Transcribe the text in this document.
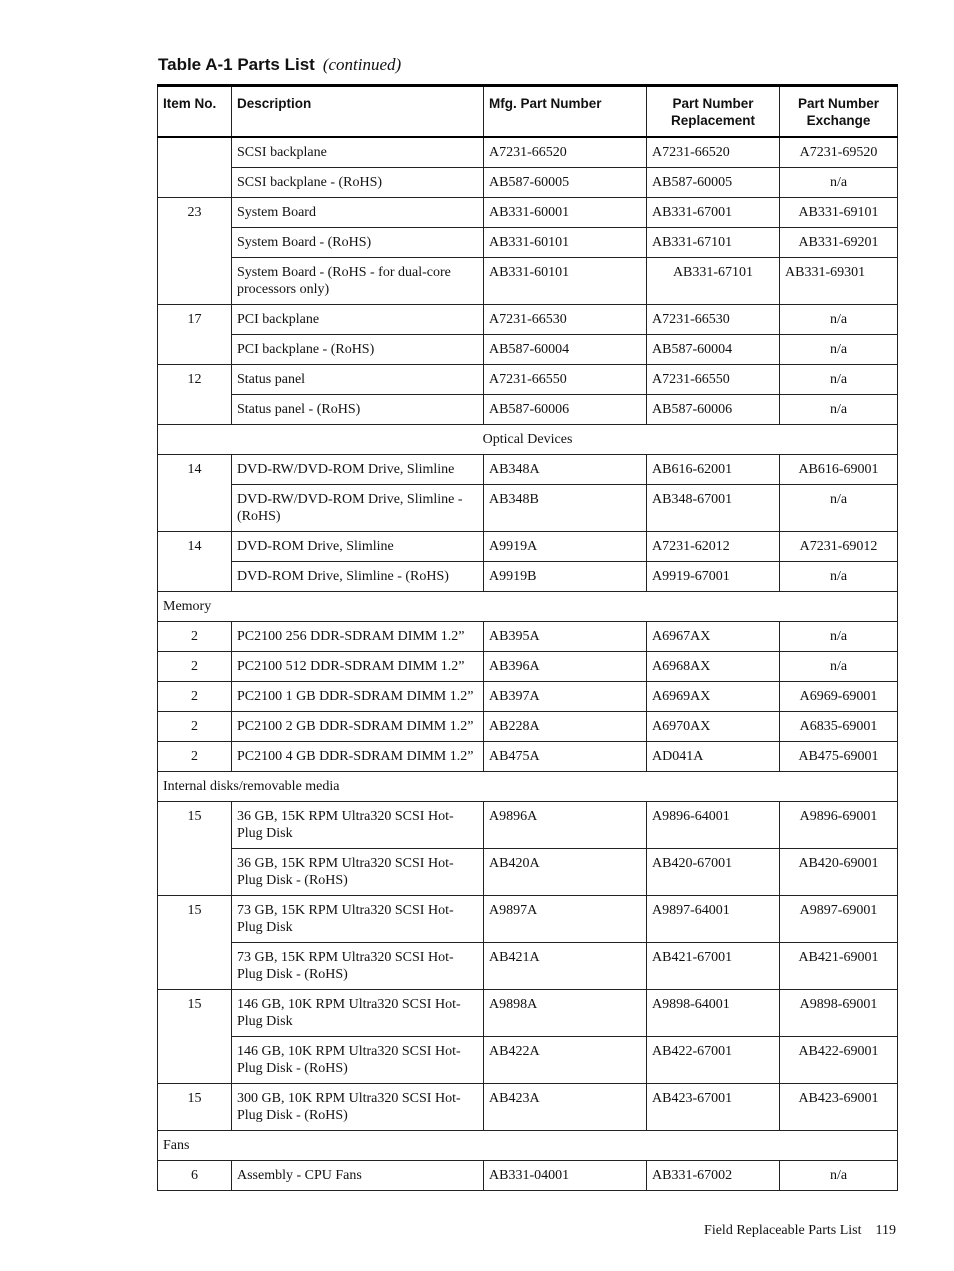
Table A-1 Parts List (continued)
Item No.	Description	Mfg. Part Number	Part Number Replacement	Part Number Exchange
	SCSI backplane	A7231-66520	A7231-66520	A7231-69520
	SCSI backplane - (RoHS)	AB587-60005	AB587-60005	n/a
23	System Board	AB331-60001	AB331-67001	AB331-69101
	System Board - (RoHS)	AB331-60101	AB331-67101	AB331-69201
	System Board - (RoHS - for dual-core processors only)	AB331-60101	AB331-67101	AB331-69301
17	PCI backplane	A7231-66530	A7231-66530	n/a
	PCI backplane - (RoHS)	AB587-60004	AB587-60004	n/a
12	Status panel	A7231-66550	A7231-66550	n/a
	Status panel - (RoHS)	AB587-60006	AB587-60006	n/a
Optical Devices				
14	DVD-RW/DVD-ROM Drive, Slimline	AB348A	AB616-62001	AB616-69001
	DVD-RW/DVD-ROM Drive, Slimline - (RoHS)	AB348B	AB348-67001	n/a
14	DVD-ROM Drive, Slimline	A9919A	A7231-62012	A7231-69012
	DVD-ROM Drive, Slimline - (RoHS)	A9919B	A9919-67001	n/a
Memory				
2	PC2100 256 DDR-SDRAM DIMM 1.2”	AB395A	A6967AX	n/a
2	PC2100 512 DDR-SDRAM DIMM 1.2”	AB396A	A6968AX	n/a
2	PC2100 1 GB DDR-SDRAM DIMM 1.2”	AB397A	A6969AX	A6969-69001
2	PC2100 2 GB DDR-SDRAM DIMM 1.2”	AB228A	A6970AX	A6835-69001
2	PC2100 4 GB DDR-SDRAM DIMM 1.2”	AB475A	AD041A	AB475-69001
Internal disks/removable media				
15	36 GB, 15K RPM Ultra320 SCSI Hot-Plug Disk	A9896A	A9896-64001	A9896-69001
	36 GB, 15K RPM Ultra320 SCSI Hot-Plug Disk - (RoHS)	AB420A	AB420-67001	AB420-69001
15	73 GB, 15K RPM Ultra320 SCSI Hot-Plug Disk	A9897A	A9897-64001	A9897-69001
	73 GB, 15K RPM Ultra320 SCSI Hot-Plug Disk - (RoHS)	AB421A	AB421-67001	AB421-69001
15	146 GB, 10K RPM Ultra320 SCSI Hot-Plug Disk	A9898A	A9898-64001	A9898-69001
	146 GB, 10K RPM Ultra320 SCSI Hot-Plug Disk - (RoHS)	AB422A	AB422-67001	AB422-69001
15	300 GB, 10K RPM Ultra320 SCSI Hot-Plug Disk - (RoHS)	AB423A	AB423-67001	AB423-69001
Fans				
6	Assembly - CPU Fans	AB331-04001	AB331-67002	n/a
Field Replaceable Parts List 119
